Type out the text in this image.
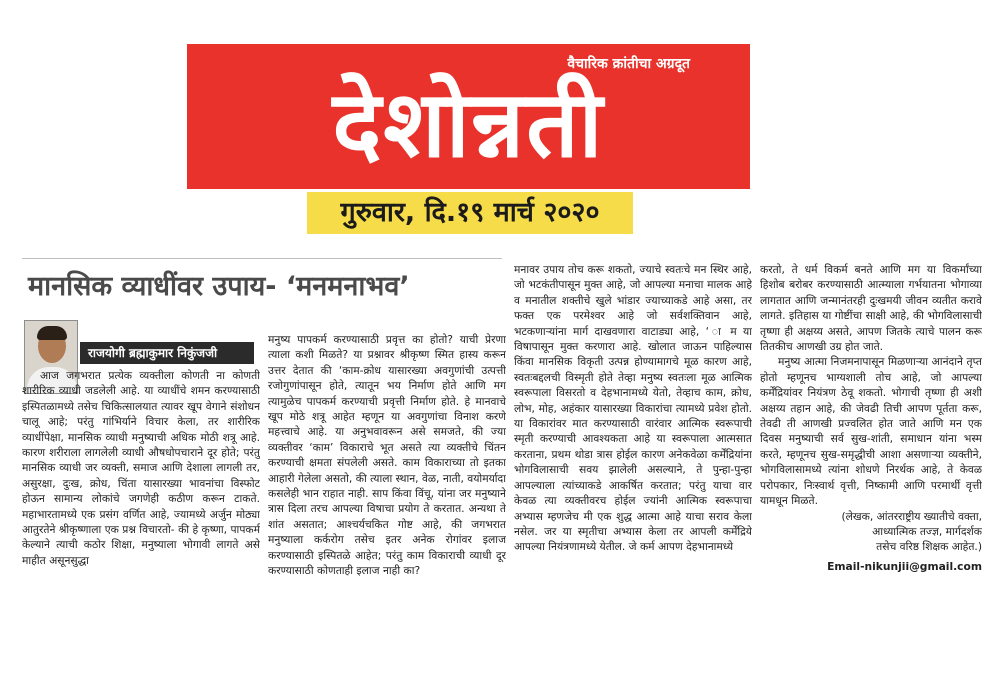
वैचारिक क्रांतीचा अग्रदूत
देशोन्नती
गुरुवार, दि.१९ मार्च २०२०
मानसिक व्याधींवर उपाय- ‘मनमनाभव’
राजयोगी ब्रह्माकुमार निकुंजजी

आज जगभरात प्रत्येक व्यक्तीला कोणती ना कोणती शारीरिक व्याधी जडलेली आहे. या व्याधींचे शमन करण्यासाठी इस्पितळामध्ये तसेच चिकित्सालयात त्यावर खूप वेगाने संशोधन चालू आहे; परंतु गांभिर्याने विचार केला, तर शारीरिक व्याधींपेक्षा, मानसिक व्याधी मनुष्याची अधिक मोठी शत्रू आहे. कारण शरीराला लागलेली व्याधी औषधोपचाराने दूर होते; परंतु मानसिक व्याधी जर व्यक्ती, समाज आणि देशाला लागली तर, असुरक्षा, दुःख, क्रोध, चिंता यासारख्या भावनांचा विस्फोट होऊन सामान्य लोकांचे जगणेही कठीण करून टाकते. महाभारतामध्ये एक प्रसंग वर्णित आहे, ज्यामध्ये अर्जुन मोठ्या आतुरतेने श्रीकृष्णाला एक प्रश्न विचारतो- की हे कृष्णा, पापकर्म केल्याने त्याची कठोर शिक्षा, मनुष्याला भोगावी लागते असे माहीत असूनसुद्धा

मनुष्य पापकर्म करण्यासाठी प्रवृत्त का होतो? याची प्रेरणा त्याला कशी मिळते? या प्रश्नावर श्रीकृष्ण स्मित हास्य करून उत्तर देतात की ‘काम-क्रोध यासारख्या अवगुणांची उत्पत्ती रजोगुणांपासून होते, त्यातून भय निर्माण होते आणि मग त्यामुळेच पापकर्म करण्याची प्रवृत्ती निर्माण होते. हे मानवाचे खूप मोठे शत्रू आहेत म्हणून या अवगुणांचा विनाश करणे महत्त्वाचे आहे. या अनुभवावरून असे समजते, की ज्या व्यक्तीवर ‘काम’ विकाराचे भूत असते त्या व्यक्तीचे चिंतन करण्याची क्षमता संपलेली असते. काम विकाराच्या तो इतका आहारी गेलेला असतो, की त्याला स्थान, वेळ, नाती, वयोमर्यादा कसलेही भान राहात नाही. साप किंवा विंचू, यांना जर मनुष्याने त्रास दिला तरच आपल्या विषाचा प्रयोग ते करतात. अन्यथा ते शांत असतात; आश्चर्यचकित गोष्ट आहे, की जगभरात मनुष्याला कर्करोग तसेच इतर अनेक रोगांवर इलाज करण्यासाठी इस्पितळे आहेत; परंतु काम विकाराची व्याधी दूर करण्यासाठी कोणताही इलाज नाही का?

मनावर उपाय तोच करू शकतो, ज्याचे स्वतःचे मन स्थिर आहे, जो भटकंतीपासून मुक्त आहे, जो आपल्या मनाचा मालक आहे व मनातील शक्तीचे खुले भांडार ज्याच्याकडे आहे असा, तर फक्त एक परमेश्वर आहे जो सर्वशक्तिवान आहे, भटकणाऱ्यांना मार्ग दाखवणारा वाटाड्या आहे, ‘ ा म या विषापासून मुक्त करणारा आहे. खोलात जाऊन पाहिल्यास किंवा मानसिक विकृती उत्पन्न होण्यामागचे मूळ कारण आहे, स्वतःबद्दलची विस्मृती होते तेव्हा मनुष्य स्वतःला मूळ आत्मिक स्वरूपाला विसरतो व देहभानामध्ये येतो, तेव्हाच काम, क्रोध, लोभ, मोह, अहंकार यासारख्या विकारांचा त्यामध्ये प्रवेश होतो. या विकारांवर मात करण्यासाठी वारंवार आत्मिक स्वरूपाची स्मृती करण्याची आवश्यकता आहे या स्वरूपाला आत्मसात करताना, प्रथम थोडा त्रास होईल कारण अनेकवेळा कर्मेंद्रियांना भोगविलासाची सवय झालेली असल्याने, ते पुन्हा-पुन्हा आपल्याला त्यांच्याकडे आकर्षित करतात; परंतु याचा वार केवळ त्या व्यक्तीवरच होईल ज्यांनी आत्मिक स्वरूपाचा अभ्यास म्हणजेच मी एक शुद्ध आत्मा आहे याचा सराव केला नसेल. जर या स्मृतीचा अभ्यास केला तर आपली कर्मेंद्रिये आपल्या नियंत्रणामध्ये येतील. जे कर्म आपण देहभानामध्ये

करतो, ते धर्म विकर्म बनते आणि मग या विकर्मांच्या हिशोब बरोबर करण्यासाठी आत्म्याला गर्भयातना भोगाव्या लागतात आणि जन्मानंतरही दुःखमयी जीवन व्यतीत करावे लागते. इतिहास या गोष्टींचा साक्षी आहे, की भोगविलासाची तृष्णा ही अक्षय्य असते, आपण जितके त्याचे पालन करू तितकीच आणखी उग्र होत जाते.

मनुष्य आत्मा निजमनापासून मिळणाऱ्या आनंदाने तृप्त होतो म्हणूनच भाग्यशाली तोच आहे, जो आपल्या कर्मेंद्रियांवर नियंत्रण ठेवू शकतो. भोगाची तृष्णा ही अशी अक्षय्य तहान आहे, की जेवढी तिची आपण पूर्तता करू, तेवढी ती आणखी प्रज्वलित होत जाते आणि मन एक दिवस मनुष्याची सर्व सुख-शांती, समाधान यांना भस्म करते, म्हणूनच सुख-समृद्धीची आशा असणाऱ्या व्यक्तीने, भोगविलासामध्ये त्यांना शोधणे निरर्थक आहे, ते केवळ परोपकार, निःस्वार्थ वृत्ती, निष्कामी आणि परमार्थी वृत्ती यामधून मिळते.

(लेखक, आंतरराष्ट्रीय ख्यातीचे वक्ता,
आध्यात्मिक तज्ज्ञ, मार्गदर्शक
तसेच वरिष्ठ शिक्षक आहेत.)
Email-nikunjii@gmail.com
